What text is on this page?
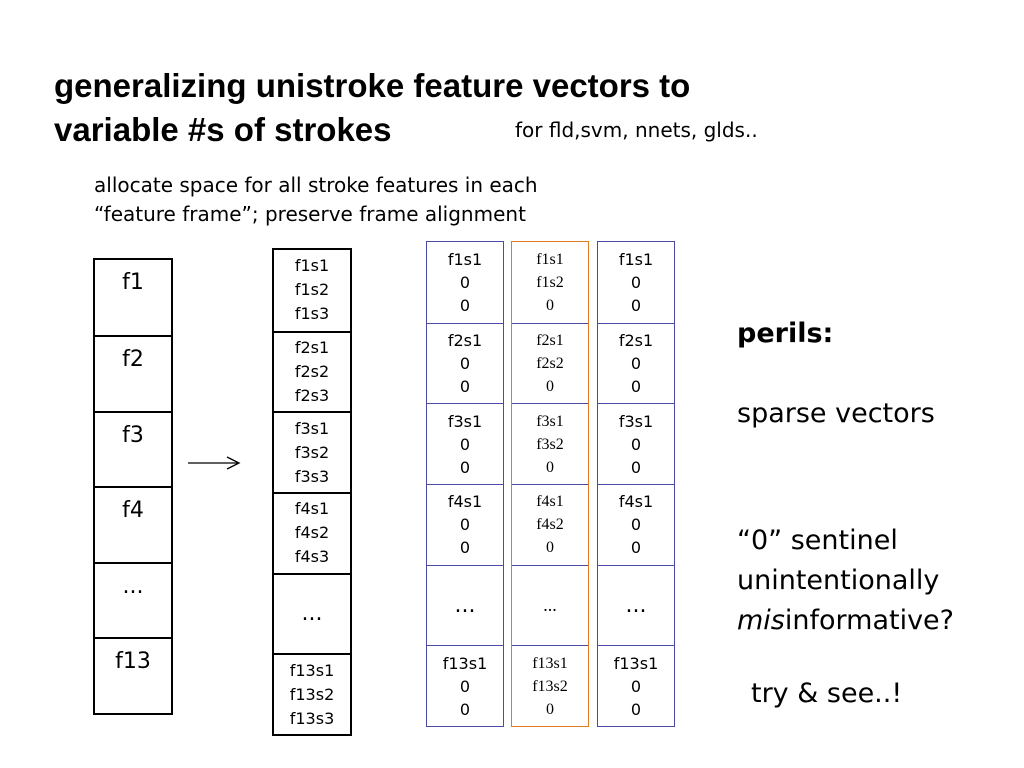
generalizing unistroke feature vectors to
variable #s of strokes	for fld,svm, nnets, glds..
allocate space for all stroke features in each
“feature frame”; preserve frame alignment
f1
f2
f3
f4
...
f13
f1s1
f1s2
f1s3
f2s1
f2s2
f2s3
f3s1
f3s2
f3s3
f4s1
f4s2
f4s3
...
f13s1
f13s2
f13s3
f1s1
0
0
f2s1
0
0
f3s1
0
0
f4s1
0
0
...
f13s1
0
0
f1s1
f1s2
0
f2s1
f2s2
0
f3s1
f3s2
0
f4s1
f4s2
0
...
f13s1
f13s2
0
f1s1
0
0
f2s1
0
0
f3s1
0
0
f4s1
0
0
...
f13s1
0
0
perils:
sparse vectors
“0” sentinel
unintentionally
misinformative?
try & see..!
